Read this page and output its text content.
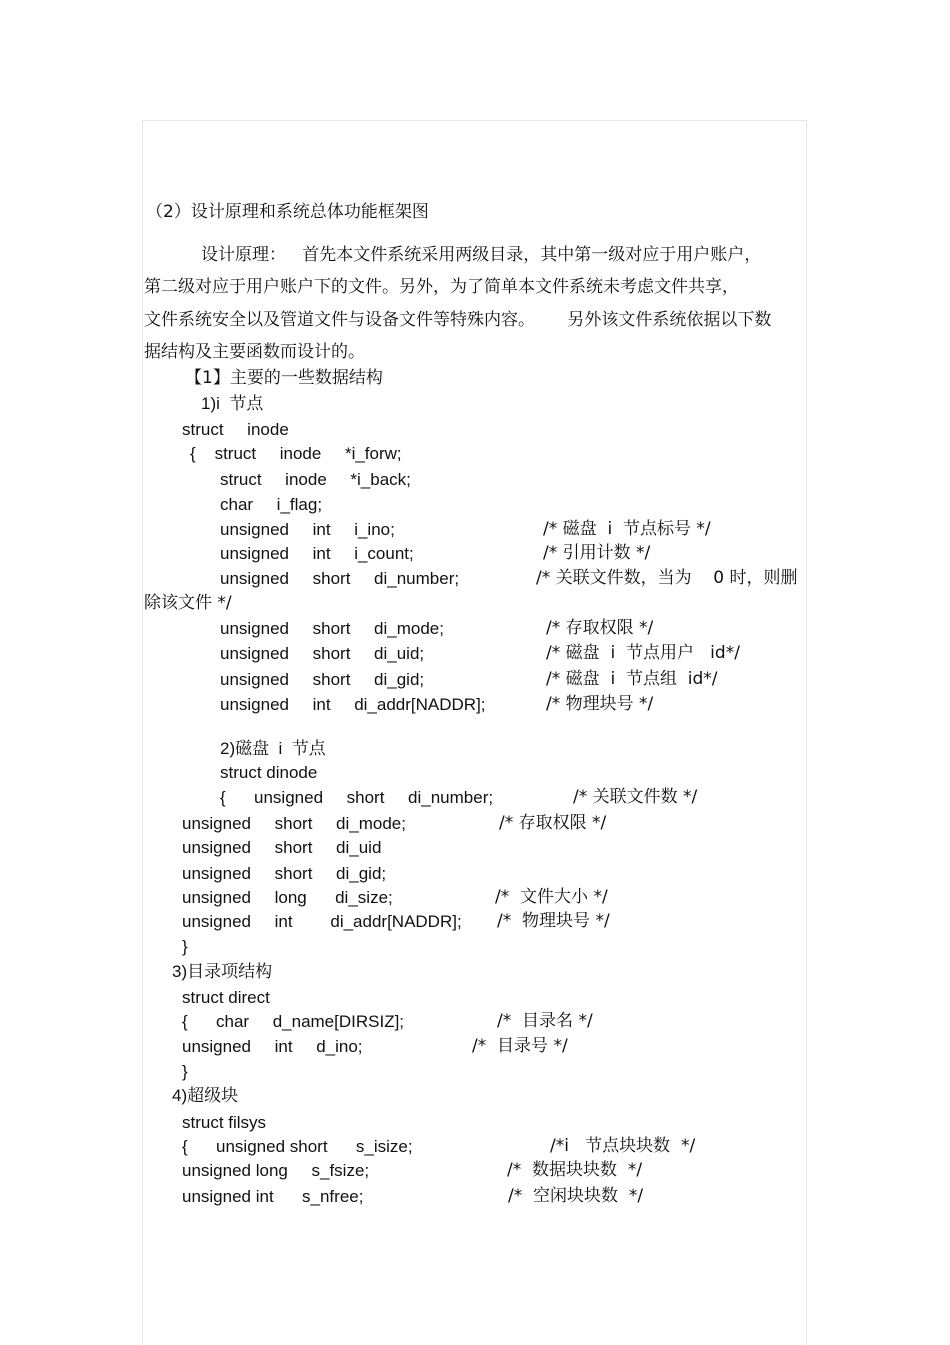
（2）设计原理和系统总体功能框架图
设计原理：   首先本文件系统采用两级目录，其中第一级对应于用户账户，
第二级对应于用户账户下的文件。另外，为了简单本文件系统未考虑文件共享，
文件系统安全以及管道文件与设备文件等特殊内容。      另外该文件系统依据以下数
据结构及主要函数而设计的。
【1】主要的一些数据结构
1)i  节点
struct     inode
{    struct     inode     *i_forw;
struct     inode     *i_back;
char     i_flag;
unsigned     int     i_ino;	/* 磁盘  i  节点标号 */
unsigned     int     i_count;	/* 引用计数 */
unsigned     short     di_number;	/* 关联文件数，当为    0 时，则删
除该文件 */
unsigned     short     di_mode;	/* 存取权限 */
unsigned     short     di_uid;	/* 磁盘  i  节点用户   id*/
unsigned     short     di_gid;	/* 磁盘  i  节点组  id*/
unsigned     int     di_addr[NADDR];	/* 物理块号 */
2)磁盘  i  节点
struct dinode
{      unsigned     short     di_number;	/* 关联文件数 */
unsigned     short     di_mode;	/* 存取权限 */
unsigned     short     di_uid
unsigned     short     di_gid;
unsigned     long      di_size;	/*  文件大小 */
unsigned     int        di_addr[NADDR]; /*  物理块号 */
}
3)目录项结构
struct direct
{      char     d_name[DIRSIZ];	/*  目录名 */
unsigned     int     d_ino;	/*  目录号 */
}
4)超级块
struct filsys
{      unsigned short      s_isize;	/*i   节点块块数  */
unsigned long     s_fsize;	/*  数据块块数  */
unsigned int      s_nfree;	/*  空闲块块数  */
